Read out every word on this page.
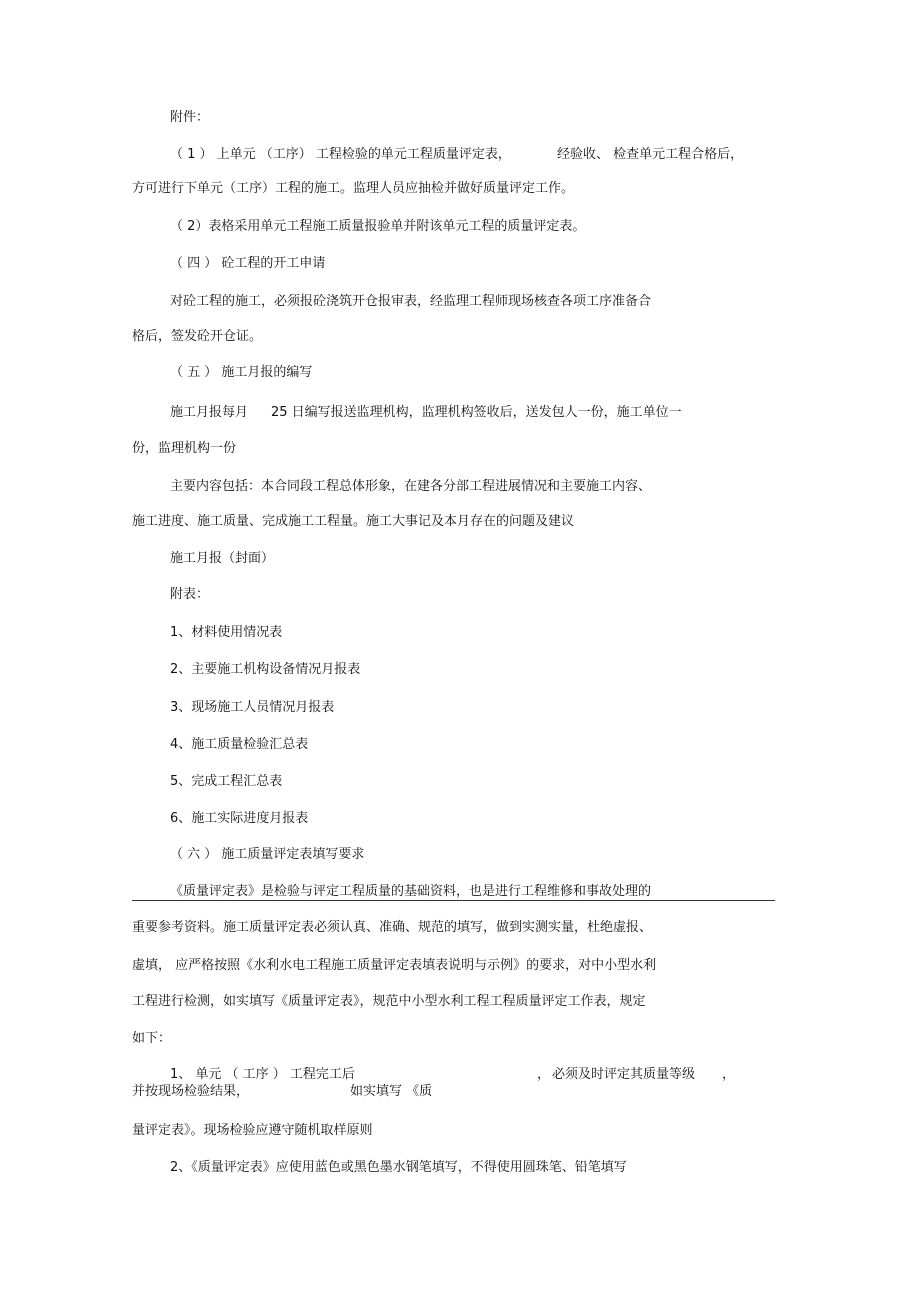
附件：

（ 1 ） 上单元 （工序） 工程检验的单元工程质量评定表，	经验收、 检查单元工程合格后，

方可进行下单元（工序）工程的施工。监理人员应抽检并做好质量评定工作。

（ 2）表格采用单元工程施工质量报验单并附该单元工程的质量评定表。

（ 四 ） 砼工程的开工申请

对砼工程的施工，必须报砼浇筑开仓报审表，经监理工程师现场核查各项工序准备合

格后，签发砼开仓证。

（ 五 ） 施工月报的编写

施工月报每月 25 日编写报送监理机构，监理机构签收后，送发包人一份，施工单位一

份，监理机构一份

主要内容包括：本合同段工程总体形象，在建各分部工程进展情况和主要施工内容、

施工进度、施工质量、完成施工工程量。施工大事记及本月存在的问题及建议

施工月报（封面）

附表：

1、材料使用情况表

2、主要施工机构设备情况月报表

3、现场施工人员情况月报表

4、施工质量检验汇总表

5、完成工程汇总表

6、施工实际进度月报表

（ 六 ） 施工质量评定表填写要求

《质量评定表》是检验与评定工程质量的基础资料，也是进行工程维修和事故处理的

重要参考资料。施工质量评定表必须认真、准确、规范的填写，做到实测实量，杜绝虚报、

虚填， 应严格按照《水利水电工程施工质量评定表填表说明与示例》的要求，对中小型水利

工程进行检测，如实填写《质量评定表》，规范中小型水利工程工程质量评定工作表，规定

如下：

1、 单元 （ 工序 ） 工程完工后	， 必须及时评定其质量等级 ，
并按现场检验结果，	如实填写 《质

量评定表》。现场检验应遵守随机取样原则

2、《质量评定表》应使用蓝色或黑色墨水钢笔填写，不得使用圆珠笔、铅笔填写
